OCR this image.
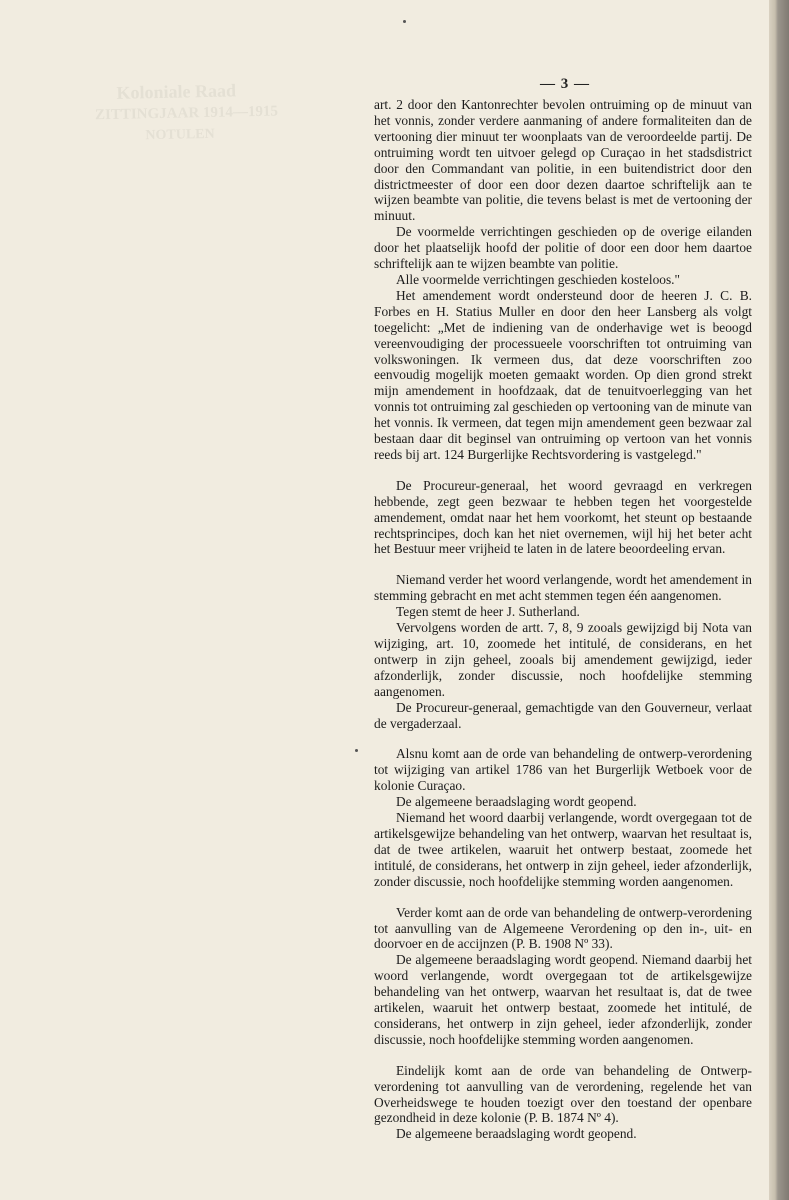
Koloniale Raad
ZITTINGJAAR 1914—1915
NOTULEN
— 3 —

art. 2 door den Kantonrechter bevolen ontruiming op de minuut van het vonnis, zonder verdere aanmaning of andere formaliteiten dan de vertooning dier minuut ter woonplaats van de veroordeelde partij. De ontruiming wordt ten uitvoer gelegd op Curaçao in het stadsdistrict door den Commandant van politie, in een buitendistrict door den districtmeester of door een door dezen daartoe schriftelijk aan te wijzen beambte van politie, die tevens belast is met de vertooning der minuut.

De voormelde verrichtingen geschieden op de overige eilanden door het plaatselijk hoofd der politie of door een door hem daartoe schriftelijk aan te wijzen beambte van politie.

Alle voormelde verrichtingen geschieden kosteloos."

Het amendement wordt ondersteund door de heeren J. C. B. Forbes en H. Statius Muller en door den heer Lansberg als volgt toegelicht: „Met de indiening van de onderhavige wet is beoogd vereenvoudiging der processueele voorschriften tot ontruiming van volkswoningen. Ik vermeen dus, dat deze voorschriften zoo eenvoudig mogelijk moeten gemaakt worden. Op dien grond strekt mijn amendement in hoofdzaak, dat de tenuitvoerlegging van het vonnis tot ontruiming zal geschieden op vertooning van de minute van het vonnis. Ik vermeen, dat tegen mijn amendement geen bezwaar zal bestaan daar dit beginsel van ontruiming op vertoon van het vonnis reeds bij art. 124 Burgerlijke Rechtsvordering is vastgelegd."

De Procureur-generaal, het woord gevraagd en verkregen hebbende, zegt geen bezwaar te hebben tegen het voorgestelde amendement, omdat naar het hem voorkomt, het steunt op bestaande rechtsprincipes, doch kan het niet overnemen, wijl hij het beter acht het Bestuur meer vrijheid te laten in de latere beoordeeling ervan.

Niemand verder het woord verlangende, wordt het amendement in stemming gebracht en met acht stemmen tegen één aangenomen.

Tegen stemt de heer J. Sutherland.

Vervolgens worden de artt. 7, 8, 9 zooals gewijzigd bij Nota van wijziging, art. 10, zoomede het intitulé, de considerans, en het ontwerp in zijn geheel, zooals bij amendement gewijzigd, ieder afzonderlijk, zonder discussie, noch hoofdelijke stemming aangenomen.

De Procureur-generaal, gemachtigde van den Gouverneur, verlaat de vergaderzaal.

Alsnu komt aan de orde van behandeling de ontwerp-verordening tot wijziging van artikel 1786 van het Burgerlijk Wetboek voor de kolonie Curaçao.

De algemeene beraadslaging wordt geopend.

Niemand het woord daarbij verlangende, wordt overgegaan tot de artikelsgewijze behandeling van het ontwerp, waarvan het resultaat is, dat de twee artikelen, waaruit het ontwerp bestaat, zoomede het intitulé, de considerans, het ontwerp in zijn geheel, ieder afzonderlijk, zonder discussie, noch hoofdelijke stemming worden aangenomen.

Verder komt aan de orde van behandeling de ontwerp-verordening tot aanvulling van de Algemeene Verordening op den in-, uit- en doorvoer en de accijnzen (P. B. 1908 Nº 33).

De algemeene beraadslaging wordt geopend. Niemand daarbij het woord verlangende, wordt overgegaan tot de artikelsgewijze behandeling van het ontwerp, waarvan het resultaat is, dat de twee artikelen, waaruit het ontwerp bestaat, zoomede het intitulé, de considerans, het ontwerp in zijn geheel, ieder afzonderlijk, zonder discussie, noch hoofdelijke stemming worden aangenomen.

Eindelijk komt aan de orde van behandeling de Ontwerp-verordening tot aanvulling van de verordening, regelende het van Overheidswege te houden toezigt over den toestand der openbare gezondheid in deze kolonie (P. B. 1874 Nº 4).

De algemeene beraadslaging wordt geopend.
